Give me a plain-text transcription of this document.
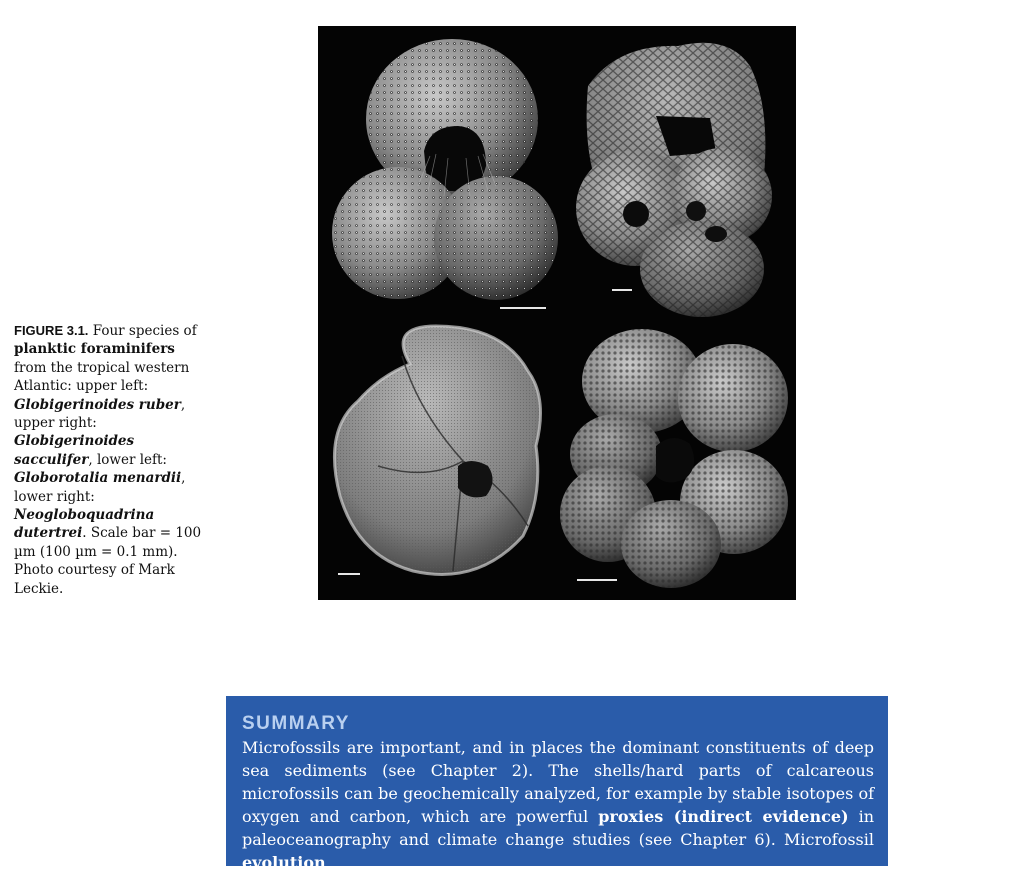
FIGURE 3.1. Four species of planktic foraminifers from the tropical western Atlantic: upper left: Globigerinoides ruber, upper right: Globigerinoides sacculifer, lower left: Globorotalia menardii, lower right: Neogloboquadrina dutertrei. Scale bar = 100 µm (100 µm = 0.1 mm). Photo courtesy of Mark Leckie.
SUMMARY
Microfossils are important, and in places the dominant constituents of deep sea sediments (see Chapter 2). The shells/hard parts of calcareous microfossils can be geochemically analyzed, for example by stable isotopes of oxygen and carbon, which are powerful proxies (indirect evidence) in paleoceanography and climate change studies (see Chapter 6). Microfossil evolution
